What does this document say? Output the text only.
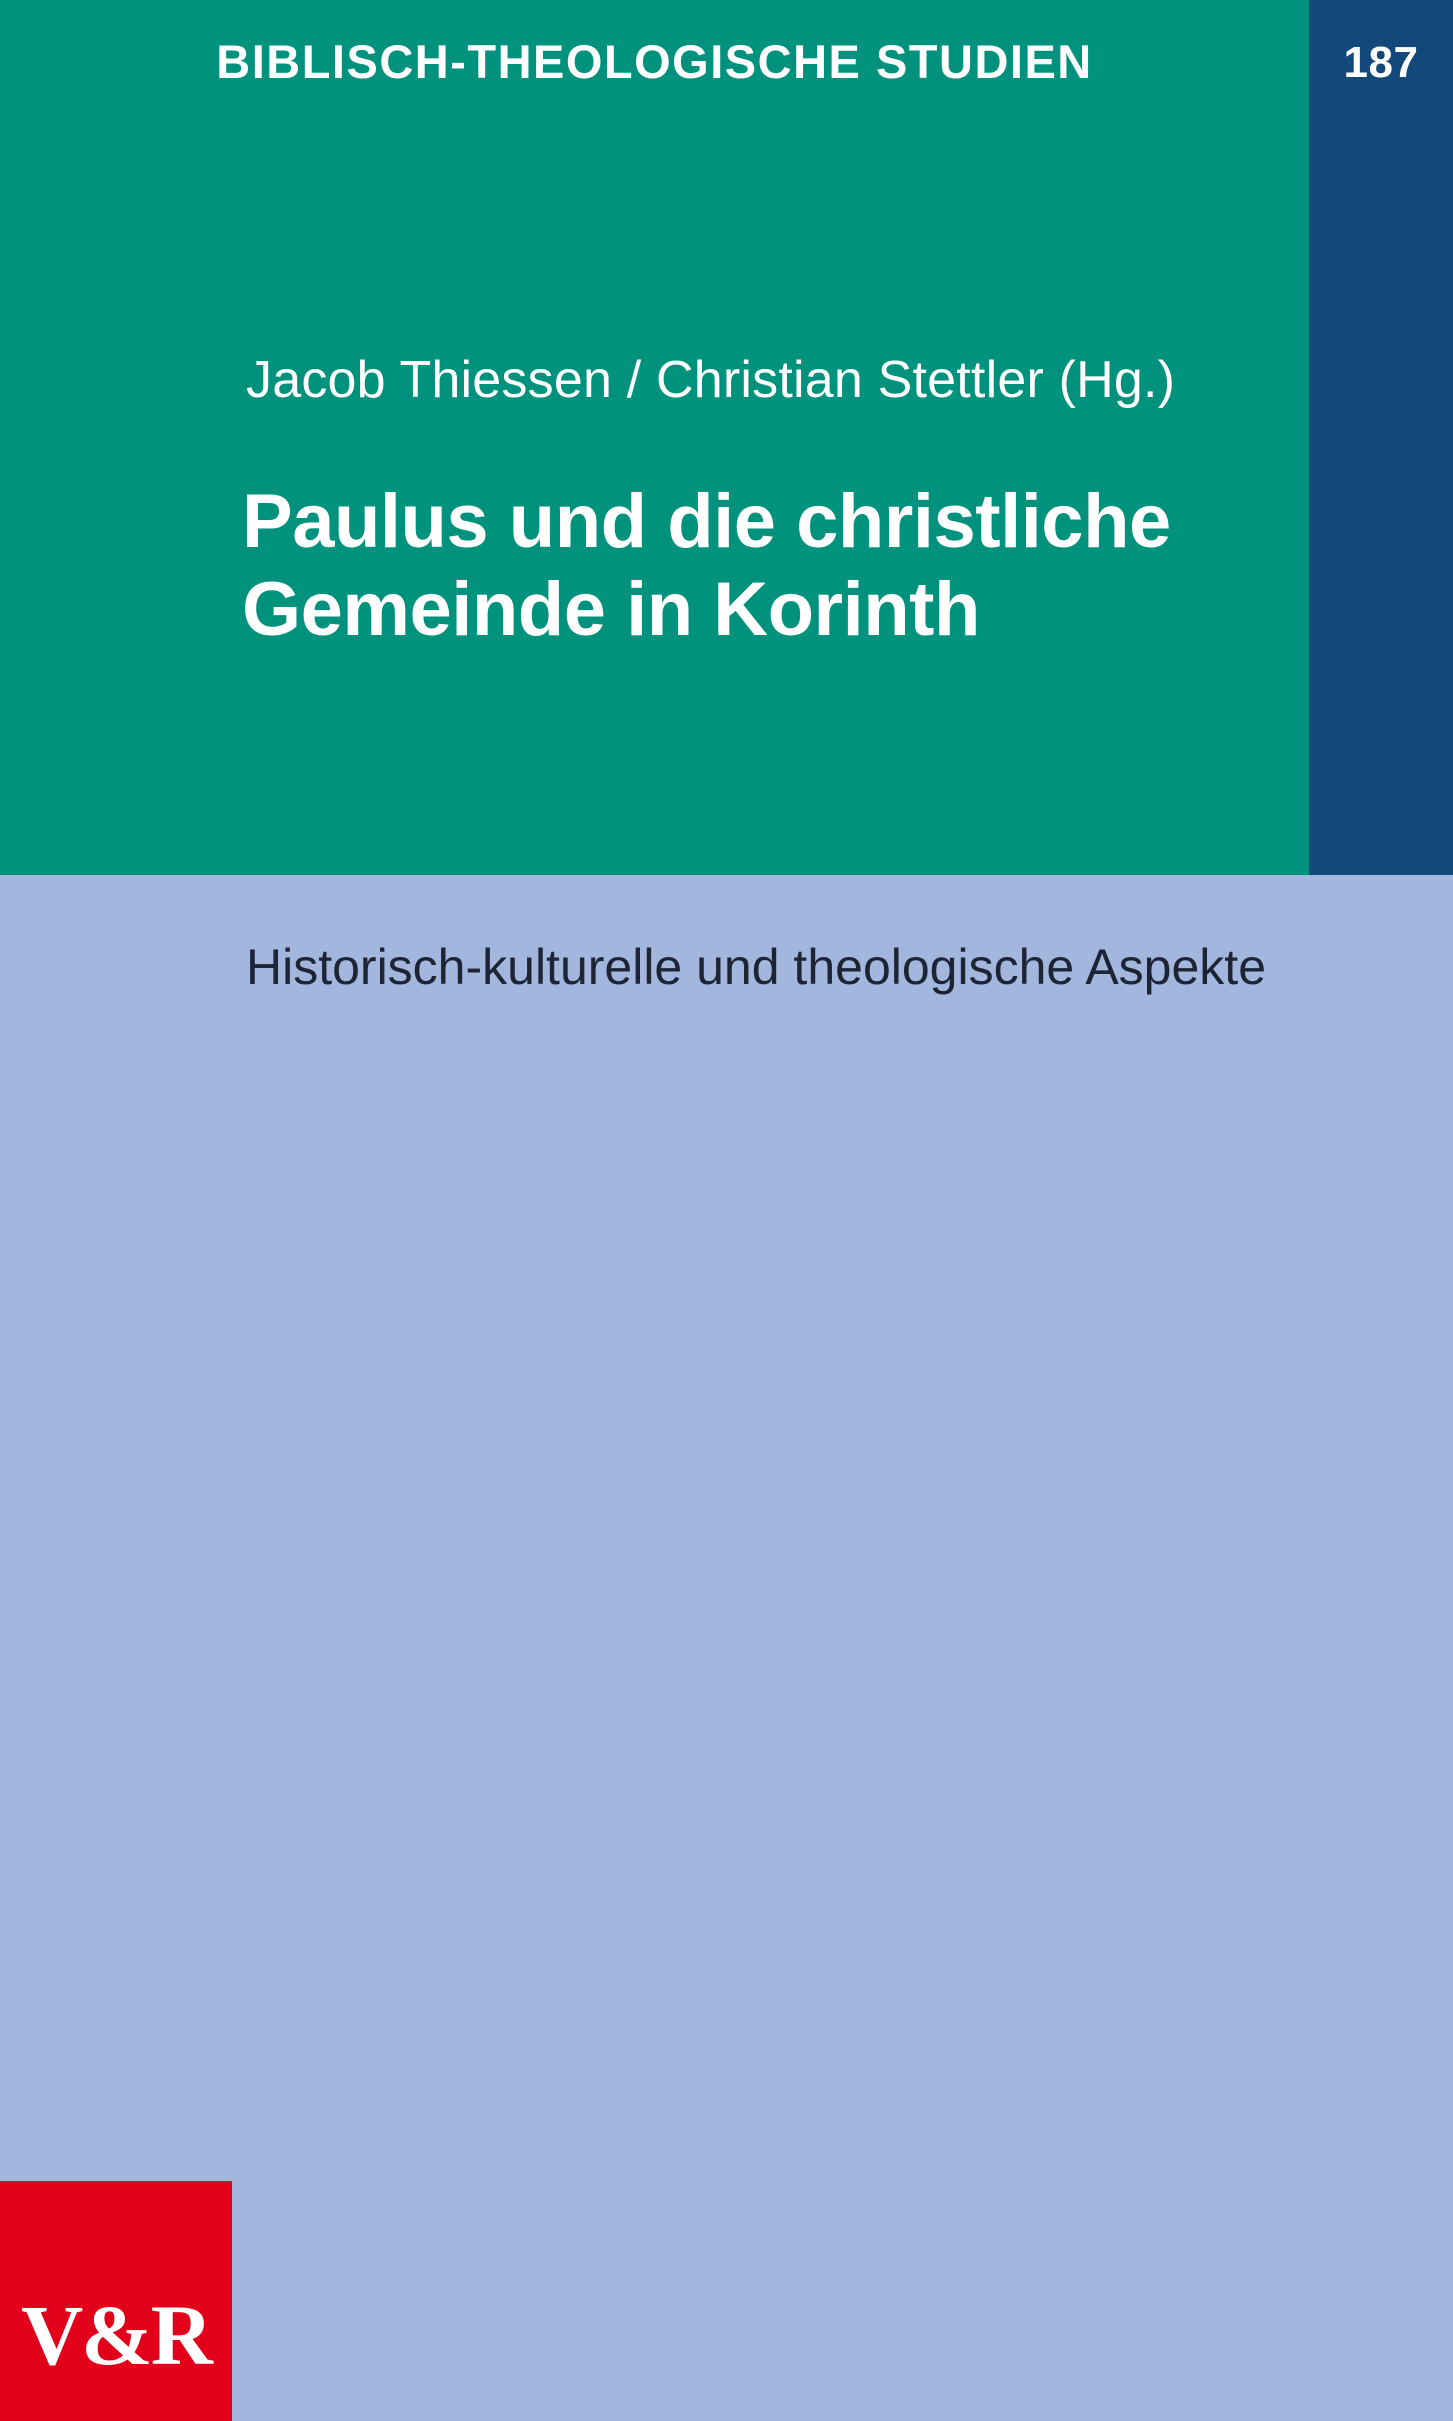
BIBLISCH-THEOLOGISCHE STUDIEN	187
Jacob Thiessen / Christian Stettler (Hg.)
Paulus und die christliche Gemeinde in Korinth
Historisch-kulturelle und theologische Aspekte
V&R
